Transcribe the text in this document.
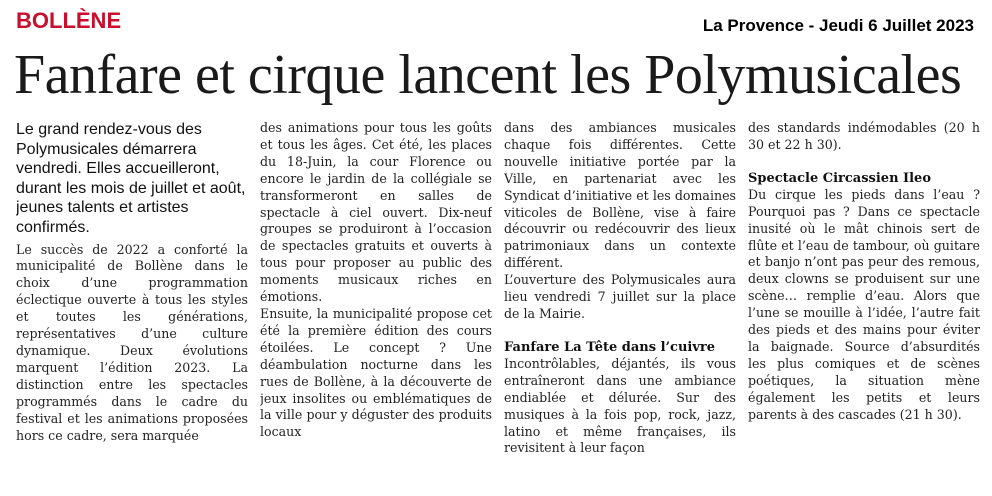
BOLLÈNE	La Provence - Jeudi 6 Juillet 2023
Fanfare et cirque lancent les Polymusicales

Le grand rendez-vous des Polymusicales démarrera vendredi. Elles accueilleront, durant les mois de juillet et août, jeunes talents et artistes confirmés.

Le succès de 2022 a conforté la municipalité de Bollène dans le choix d’une programmation éclectique ouverte à tous les styles et toutes les générations, représentatives d’une culture dynamique. Deux évolutions marquent l’édition 2023. La distinction entre les spectacles programmés dans le cadre du festival et les animations proposées hors ce cadre, sera marquée

des animations pour tous les goûts et tous les âges. Cet été, les places du 18-Juin, la cour Florence ou encore le jardin de la collégiale se transformeront en salles de spectacle à ciel ouvert. Dix-neuf groupes se produiront à l’occasion de spectacles gratuits et ouverts à tous pour proposer au public des moments musicaux riches en émotions.

Ensuite, la municipalité propose cet été la première édition des cours étoilées. Le concept ? Une déambulation nocturne dans les rues de Bollène, à la découverte de jeux insolites ou emblématiques de la ville pour y déguster des produits locaux

dans des ambiances musicales chaque fois différentes. Cette nouvelle initiative portée par la Ville, en partenariat avec les Syndicat d’initiative et les domaines viticoles de Bollène, vise à faire découvrir ou redécouvrir des lieux patrimoniaux dans un contexte différent.

L’ouverture des Polymusicales aura lieu vendredi 7 juillet sur la place de la Mairie.

Fanfare La Tête dans l’cuivre

Incontrôlables, déjantés, ils vous entraîneront dans une ambiance endiablée et délurée. Sur des musiques à la fois pop, rock, jazz, latino et même françaises, ils revisitent à leur façon

des standards indémodables (20 h 30 et 22 h 30).

Spectacle Circassien Ileo

Du cirque les pieds dans l’eau ? Pourquoi pas ? Dans ce spectacle inusité où le mât chinois sert de flûte et l’eau de tambour, où guitare et banjo n’ont pas peur des remous, deux clowns se produisent sur une scène… remplie d’eau. Alors que l’une se mouille à l’idée, l’autre fait des pieds et des mains pour éviter la baignade. Source d’absurdités les plus comiques et de scènes poétiques, la situation mène également les petits et leurs parents à des cascades (21 h 30).
